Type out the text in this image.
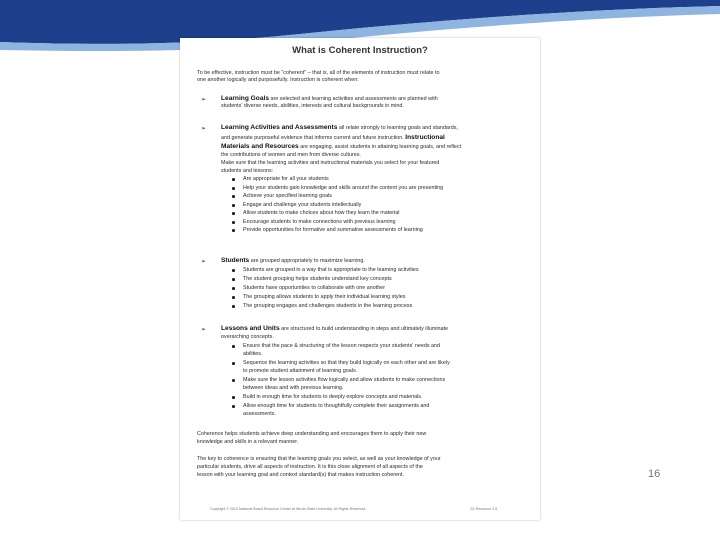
What is Coherent Instruction?
To be effective, instruction must be "coherent" – that is, all of the elements of instruction must relate to
one another logically and purposefully. Instruction is coherent when:
➢ Learning Goals are selected and learning activities and assessments are planned with
students' diverse needs, abilities, interests and cultural backgrounds in mind.
➢ Learning Activities and Assessments all relate strongly to learning goals and standards,
and generate purposeful evidence that informs current and future instruction. Instructional
Materials and Resources are engaging, assist students in attaining learning goals, and reflect
the contributions of women and men from diverse cultures.
Make sure that the learning activities and instructional materials you select for your featured
students and lessons:
Are appropriate for all your students
Help your students gain knowledge and skills around the content you are presenting
Achieve your specified learning goals
Engage and challenge your students intellectually
Allow students to make choices about how they learn the material
Encourage students to make connections with previous learning
Provide opportunities for formative and summative assessments of learning
➢ Students are grouped appropriately to maximize learning.
Students are grouped in a way that is appropriate to the learning activities
The student grouping helps students understand key concepts
Students have opportunities to collaborate with one another
The grouping allows students to apply their individual learning styles
The grouping engages and challenges students in the learning process
➢ Lessons and Units are structured to build understanding in steps and ultimately illuminate
overarching concepts.
Ensure that the pace & structuring of the lesson respects your students' needs and
abilities.
Sequence the learning activities so that they build logically on each other and are likely
to promote student attainment of learning goals.
Make sure the lesson activities flow logically and allow students to make connections
between ideas and with previous learning.
Build in enough time for students to deeply explore concepts and materials.
Allow enough time for students to thoughtfully complete their assignments and
assessments.
Coherence helps students achieve deep understanding and encourages them to apply their new
knowledge and skills in a relevant manner.
The key to coherence is ensuring that the learning goals you select, as well as your knowledge of your
particular students, drive all aspects of instruction. It is this close alignment of all aspects of the
lesson with your learning goal and context standard(s) that makes instruction coherent.
Copyright © 2014 National Board Resource Center at Illinois State University. All Rights Reserved.	G2 Resource 4.9
16
